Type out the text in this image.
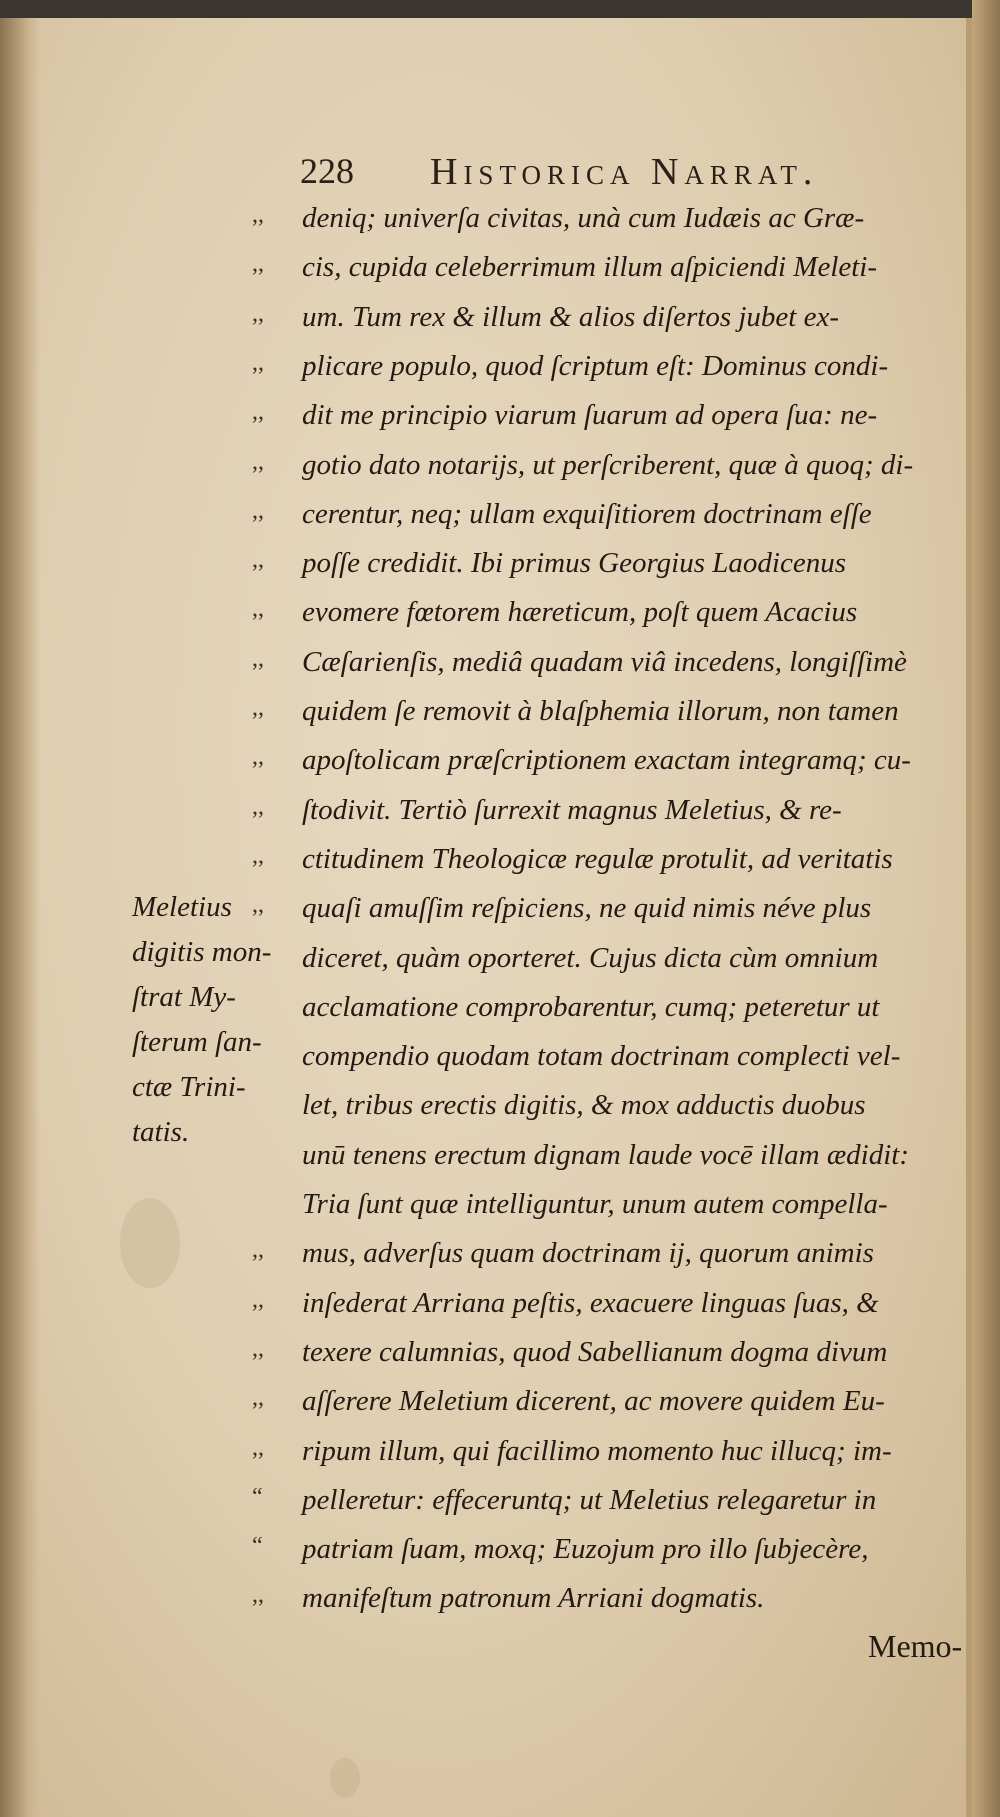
228 Historica Narrat.
,,	deniq; univerſa civitas, unà cum Iudæis ac Græ-
,,	cis, cupida celeberrimum illum aſpiciendi Meleti-
,,	um. Tum rex & illum & alios diſertos jubet ex-
,,	plicare populo, quod ſcriptum eſt: Dominus condi-
,,	dit me principio viarum ſuarum ad opera ſua: ne-
,,	gotio dato notarijs, ut perſcriberent, quæ à quoq; di-
,,	cerentur, neq; ullam exquiſitiorem doctrinam eſſe
,,	poſſe credidit. Ibi primus Georgius Laodicenus
,,	evomere fœtorem hæreticum, poſt quem Acacius
,,	Cæſarienſis, mediâ quadam viâ incedens, longiſſimè
,,	quidem ſe removit à blaſphemia illorum, non tamen
,,	apoſtolicam præſcriptionem exactam integramq; cu-
,,	ſtodivit. Tertiò ſurrexit magnus Meletius, & re-
,,	ctitudinem Theologicæ regulæ protulit, ad veritatis
,,	quaſi amuſſim reſpiciens, ne quid nimis néve plus
diceret, quàm oporteret. Cujus dicta cùm omnium
acclamatione comprobarentur, cumq; peteretur ut
compendio quodam totam doctrinam complecti vel-
let, tribus erectis digitis, & mox adductis duobus
unū tenens erectum dignam laude vocē illam ædidit:
Tria ſunt quæ intelliguntur, unum autem compella-
,,	mus, adverſus quam doctrinam ij, quorum animis
,,	inſederat Arriana peſtis, exacuere linguas ſuas, &
,,	texere calumnias, quod Sabellianum dogma divum
,,	aſſerere Meletium dicerent, ac movere quidem Eu-
,,	ripum illum, qui facillimo momento huc illucq; im-
“	pelleretur: effeceruntq; ut Meletius relegaretur in
“	patriam ſuam, moxq; Euzojum pro illo ſubjecère,
,,	manifeſtum patronum Arriani dogmatis.
Meletius
digitis mon-
ſtrat My-
ſterum ſan-
ctæ Trini-
tatis.
Memo-
